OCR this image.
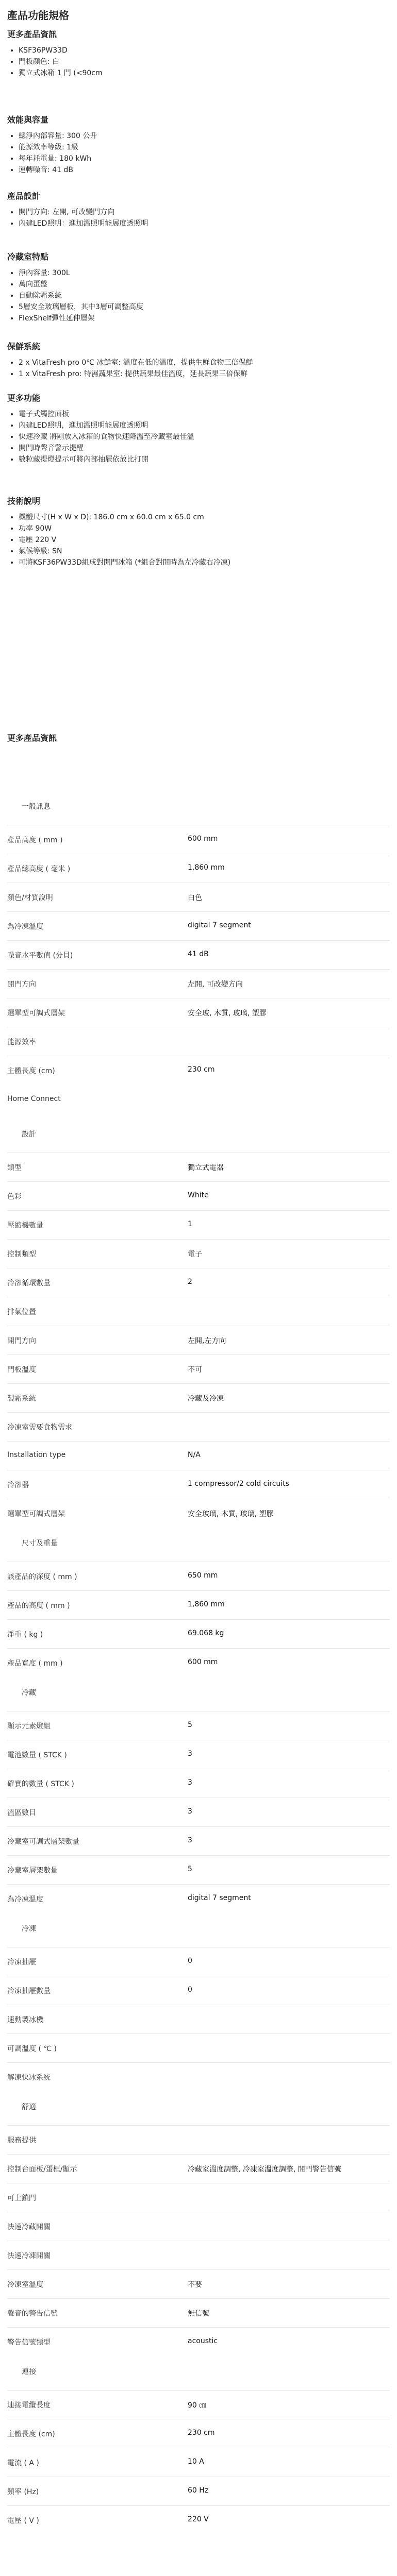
產品功能規格
更多產品資訊
• KSF36PW33D
• 門板顏色: 白
• 獨立式冰箱 1 門 (<90cm
效能與容量
• 總淨內部容量: 300 公升
• 能源效率等級: 1級
• 每年耗電量: 180 kWh
• 運轉噪音: 41 dB
產品設計
• 開門方向: 左開, 可改變門方向
• 內建LED照明：進加溫照明能展度透照明
冷藏室特點
• 淨內容量: 300L
• 萬向蛋盤
• 自動除霜系統
• 5層安全玻璃層板，其中3層可調整高度
• FlexShelf彈性延伸層架
保鮮系統
• 2 x VitaFresh pro 0℃ 冰鮮室: 溫度在低的溫度，提供生鮮食物三倍保鮮
• 1 x VitaFresh pro: 特濕蔬果室: 提供蔬果最佳溫度，延長蔬果三倍保鮮
更多功能
• 電子式觸控面板
• 內建LED照明，進加溫照明能展度透照明
• 快速冷藏 將剛放入冰箱的食物快速降溫至冷藏室最佳溫
• 開門時聲音警示提醒
• 數粒藏提燈提示可將內部抽屜依放比打開
技術說明
• 機體尺寸(H x W x D): 186.0 cm x 60.0 cm x 65.0 cm
• 功率 90W
• 電壓 220 V
• 氣候等級: SN
• 可將KSF36PW33D組成對開門冰箱 (*組合對開時為左冷藏右冷凍)
更多產品資訊
一般訊息
產品高度 ( mm )	600 mm
產品總高度 ( 毫米 )	1,860 mm
顏色/材質說明	白色
為冷凍溫度	digital 7 segment
噪音水平數值 (分貝)	41 dB
開門方向	左開, 可改變方向
選單型可調式層架	安全玻, 木質, 玻璃, 塑膠
能源效率
主體長度 (cm)	230 cm
Home Connect
設計
類型	獨立式電器
色彩	White
壓縮機數量	1
控制類型	電子
冷卻循環數量	2
排氣位置
開門方向	左開,左方向
門板溫度	不可
製霜系統	冷藏及冷凍
冷凍室需要食物需求
Installation type	N/A
冷卻器	1 compressor/2 cold circuits
選單型可調式層架	安全玻璃, 木質, 玻璃, 塑膠
尺寸及重量
該產品的深度 ( mm )	650 mm
產品的高度 ( mm )	1,860 mm
淨重 ( kg )	69.068 kg
產品寬度 ( mm )	600 mm
冷藏
顯示元素燈組	5
電池數量 ( STCK )	3
確實的數量 ( STCK )	3
溫區數目	3
冷藏室可調式層架數量	3
冷藏室層架數量	5
為冷凍溫度	digital 7 segment
冷凍
冷凍抽屜	0
冷凍抽屜數量	0
速動製冰機
可調溫度 ( ℃ )
解凍快冰系統
舒適
服務提供
控制台面板/蛋框/顯示	冷藏室溫度調整, 冷凍室溫度調整, 開門警告信號
可上鎖門
快速冷藏開關
快速冷凍開關
冷凍室溫度	不要
聲音的警告信號	無信號
警告信號類型	acoustic
連接
連接電纜長度	90 ㎝
主體長度 (cm)	230 cm
電流 ( A )	10 A
頻率 (Hz)	60 Hz
電壓 ( V )	220 V
